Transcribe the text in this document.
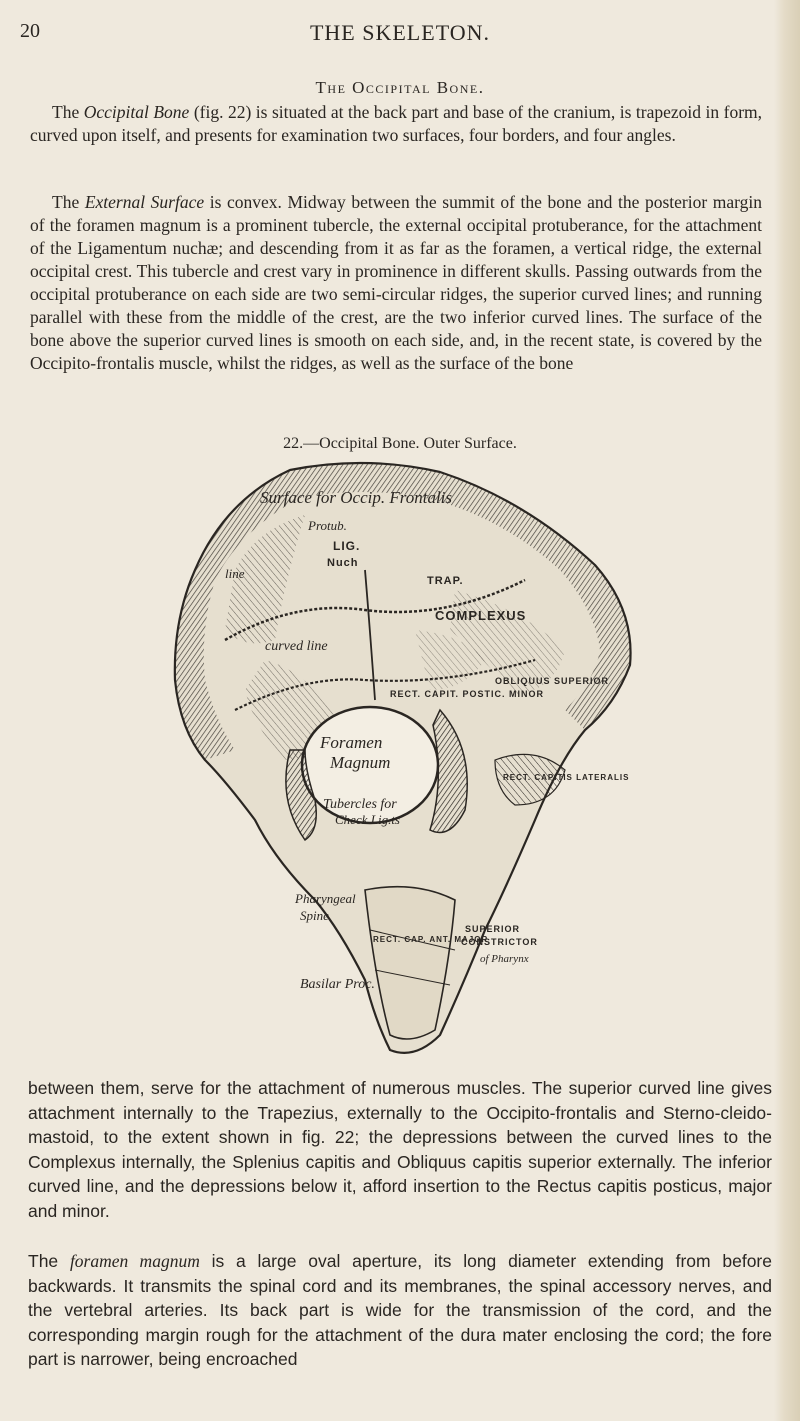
20	THE SKELETON.
The Occipital Bone.

The Occipital Bone (fig. 22) is situated at the back part and base of the cranium, is trapezoid in form, curved upon itself, and presents for examination two surfaces, four borders, and four angles.

The External Surface is convex. Midway between the summit of the bone and the posterior margin of the foramen magnum is a prominent tubercle, the external occipital protuberance, for the attachment of the Ligamentum nuchæ; and descending from it as far as the foramen, a vertical ridge, the external occipital crest. This tubercle and crest vary in prominence in different skulls. Passing outwards from the occipital protuberance on each side are two semi-circular ridges, the superior curved lines; and running parallel with these from the middle of the crest, are the two inferior curved lines. The surface of the bone above the superior curved lines is smooth on each side, and, in the recent state, is covered by the Occipito-frontalis muscle, whilst the ridges, as well as the surface of the bone

22.—Occipital Bone. Outer Surface.
Surface for Occip. Frontalis
Protub.
LIG.
Nuch
line	TRAP.
COMPLEXUS
curved line
RECT. CAPIT. POSTIC. MINOR
OBLIQUUS SUPERIOR
Foramen
Magnum
Tubercles for
Check Lig.ts
RECT. CAPITIS LATERALIS
Pharyngeal
Spine
RECT. CAP. ANT. MAJOR
Basilar Proc.
SUPERIOR
CONSTRICTOR
of Pharynx

between them, serve for the attachment of numerous muscles. The superior curved line gives attachment internally to the Trapezius, externally to the Occipito-frontalis and Sterno-cleido-mastoid, to the extent shown in fig. 22; the depressions between the curved lines to the Complexus internally, the Splenius capitis and Obliquus capitis superior externally. The inferior curved line, and the depressions below it, afford insertion to the Rectus capitis posticus, major and minor.

The foramen magnum is a large oval aperture, its long diameter extending from before backwards. It transmits the spinal cord and its membranes, the spinal accessory nerves, and the vertebral arteries. Its back part is wide for the transmission of the cord, and the corresponding margin rough for the attachment of the dura mater enclosing the cord; the fore part is narrower, being encroached
